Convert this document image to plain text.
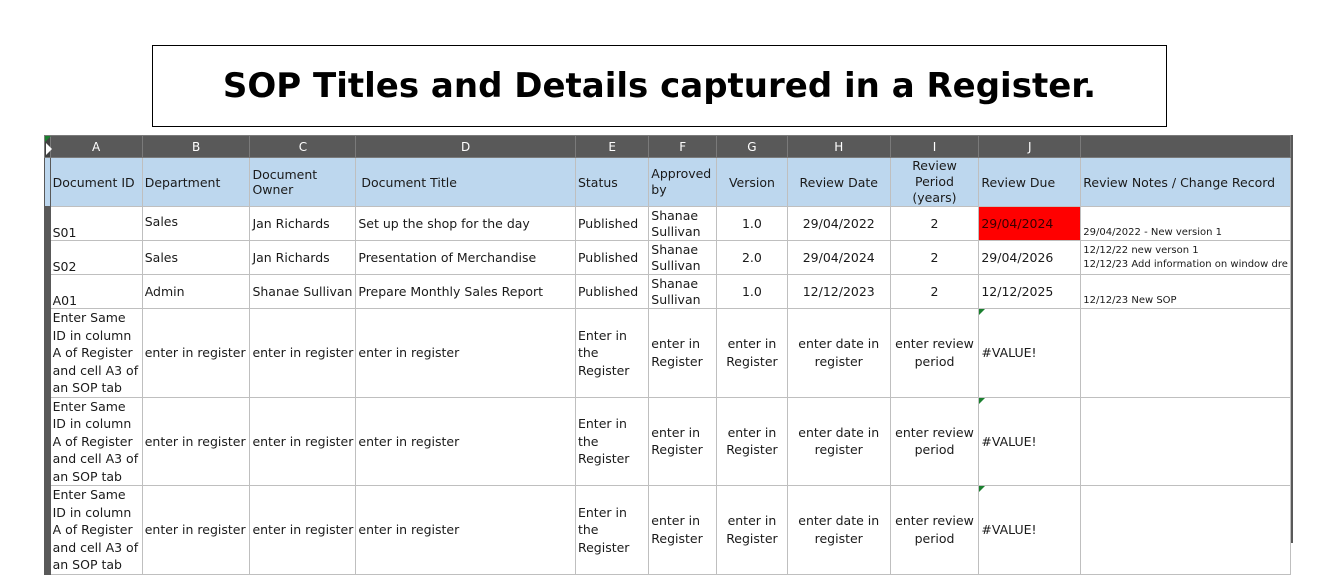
SOP Titles and Details captured in a Register.
	A	B	C	D	E	F	G	H	I	J	
	Document ID	Department	Document Owner	Document Title	Status	Approved by	Version	Review Date	Review Period (years)	Review Due	Review Notes / Change Record
	S01	Sales	Jan Richards	Set up the shop for the day	Published	Shanae Sullivan	1.0	29/04/2022	2	29/04/2024	29/04/2022 - New version 1

	S02	Sales	Jan Richards	Presentation of Merchandise	Published	Shanae Sullivan	2.0	29/04/2024	2	29/04/2026	12/12/22 new verson 1
12/12/23 Add information on window dre

	A01	Admin	Shanae Sullivan	Prepare Monthly Sales Report	Published	Shanae Sullivan	1.0	12/12/2023	2	12/12/2025	12/12/23 New SOP

	Enter Same ID in column A of Register and cell A3 of an SOP tab	enter in register	enter in register	enter in register	Enter in the Register	enter in Register	enter in Register	enter date in register	enter review period	#VALUE!	
	Enter Same ID in column A of Register and cell A3 of an SOP tab	enter in register	enter in register	enter in register	Enter in the Register	enter in Register	enter in Register	enter date in register	enter review period	#VALUE!	
	Enter Same ID in column A of Register and cell A3 of an SOP tab	enter in register	enter in register	enter in register	Enter in the Register	enter in Register	enter in Register	enter date in register	enter review period	#VALUE!	
